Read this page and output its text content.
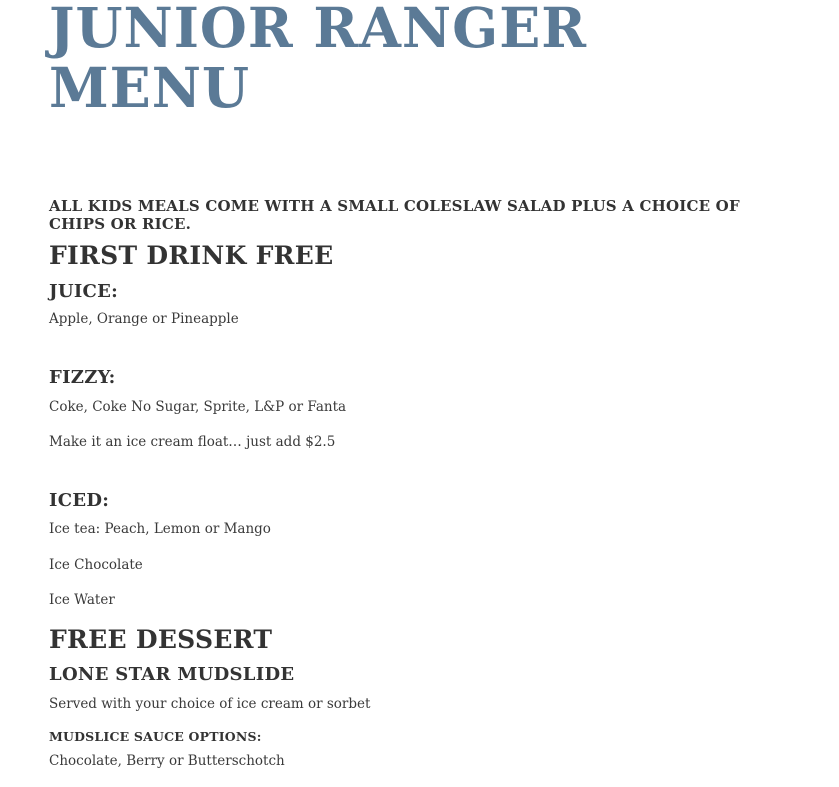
JUNIOR RANGER
MENU
ALL KIDS MEALS COME WITH A SMALL COLESLAW SALAD PLUS A CHOICE OF CHIPS OR RICE.
FIRST DRINK FREE
JUICE:
Apple, Orange or Pineapple
FIZZY:
Coke, Coke No Sugar, Sprite, L&P or Fanta
Make it an ice cream float… just add $2.5
ICED:
Ice tea: Peach, Lemon or Mango
Ice Chocolate
Ice Water
FREE DESSERT
LONE STAR MUDSLIDE
Served with your choice of ice cream or sorbet
MUDSLICE SAUCE OPTIONS:
Chocolate, Berry or Butterschotch
